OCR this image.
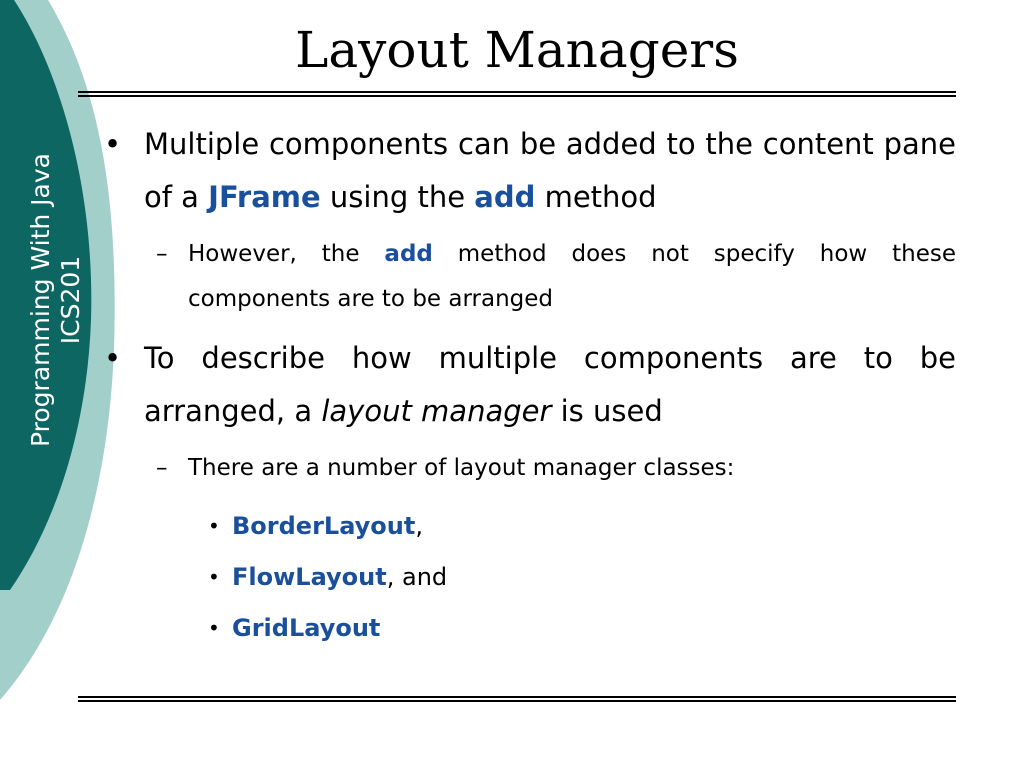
Programming With Java ICS201
Layout Managers

• Multiple components can be added to the content pane of a JFrame using the add method

– However, the add method does not specify how these components are to be arranged

• To describe how multiple components are to be arranged, a layout manager is used

– There are a number of layout manager classes:

• BorderLayout,

• FlowLayout, and

• GridLayout
